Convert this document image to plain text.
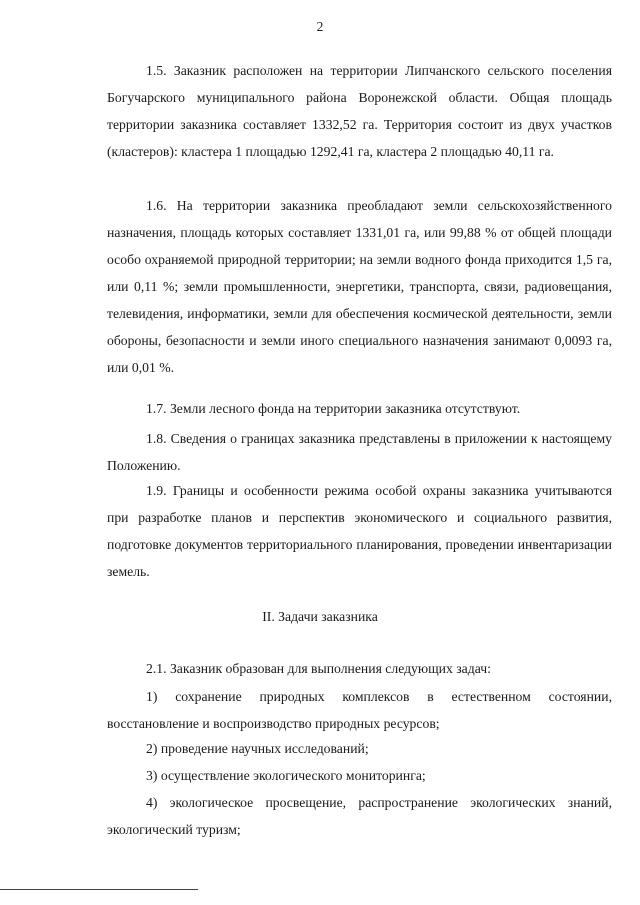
2

1.5. Заказник расположен на территории Липчанского сельского поселения Богучарского муниципального района Воронежской области. Общая площадь территории заказника составляет 1332,52 га. Территория состоит из двух участков (кластеров): кластера 1 площадью 1292,41 га, кластера 2 площадью 40,11 га.

1.6. На территории заказника преобладают земли сельскохозяйственного назначения, площадь которых составляет 1331,01 га, или 99,88 % от общей площади особо охраняемой природной территории; на земли водного фонда приходится 1,5 га, или 0,11 %; земли промышленности, энергетики, транспорта, связи, радиовещания, телевидения, информатики, земли для обеспечения космической деятельности, земли обороны, безопасности и земли иного специального назначения занимают 0,0093 га, или 0,01 %.

1.7. Земли лесного фонда на территории заказника отсутствуют.

1.8. Сведения о границах заказника представлены в приложении к настоящему Положению.

1.9. Границы и особенности режима особой охраны заказника учитываются при разработке планов и перспектив экономического и социального развития, подготовке документов территориального планирования, проведении инвентаризации земель.

II. Задачи заказника

2.1. Заказник образован для выполнения следующих задач:

1) сохранение природных комплексов в естественном состоянии, восстановление и воспроизводство природных ресурсов;

2) проведение научных исследований;

3) осуществление экологического мониторинга;

4) экологическое просвещение, распространение экологических знаний, экологический туризм;
